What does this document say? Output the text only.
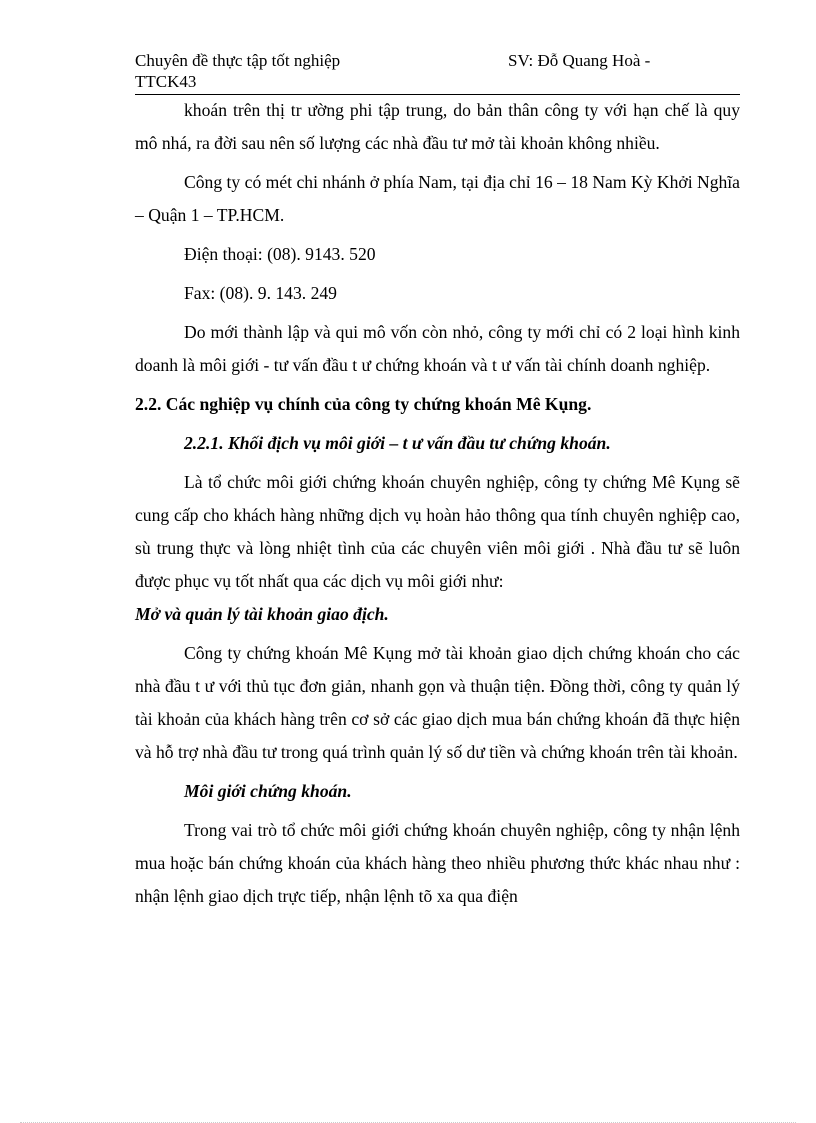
Chuyên đề thực tập tốt nghiệp	SV: Đỗ Quang Hoà -
TTCK43

khoán trên thị tr ường phi tập trung, do bản thân công ty với hạn chế là quy mô nhá, ra đời sau nên số lượng các nhà đầu tư mở tài khoản không nhiều.

Công ty có mét chi nhánh ở phía Nam, tại địa chỉ 16 – 18 Nam Kỳ Khởi Nghĩa – Quận 1 – TP.HCM.

Điện thoại: (08). 9143. 520

Fax: (08). 9. 143. 249

Do mới thành lập và qui mô vốn còn nhỏ, công ty mới chỉ có 2 loại hình kinh doanh là môi giới - tư vấn đầu t ư chứng khoán và t ư vấn tài chính doanh nghiệp.

2.2. Các nghiệp vụ chính của công ty chứng khoán Mê Kụng.

2.2.1. Khối địch vụ môi giới – t ư vấn đầu tư chứng khoán.

Là tổ chức môi giới chứng khoán chuyên nghiệp, công ty chứng Mê Kụng sẽ cung cấp cho khách hàng những dịch vụ hoàn hảo thông qua tính chuyên nghiệp cao, sù trung thực và lòng nhiệt tình của các chuyên viên môi giới . Nhà đầu tư sẽ luôn được phục vụ tốt nhất qua các dịch vụ môi giới như:
Mở và quản lý tài khoản giao địch.

Công ty chứng khoán Mê Kụng mở tài khoản giao dịch chứng khoán cho các nhà đầu t ư với thủ tục đơn giản, nhanh gọn và thuận tiện. Đồng thời, công ty quản lý tài khoản của khách hàng trên cơ sở các giao dịch mua bán chứng khoán đã thực hiện và hỗ trợ nhà đầu tư trong quá trình quản lý số dư tiền và chứng khoán trên tài khoản.

Môi giới chứng khoán.

Trong vai trò tổ chức môi giới chứng khoán chuyên nghiệp, công ty nhận lệnh mua hoặc bán chứng khoán của khách hàng theo nhiều phương thức khác nhau như : nhận lệnh giao dịch trực tiếp, nhận lệnh tõ xa qua điện
